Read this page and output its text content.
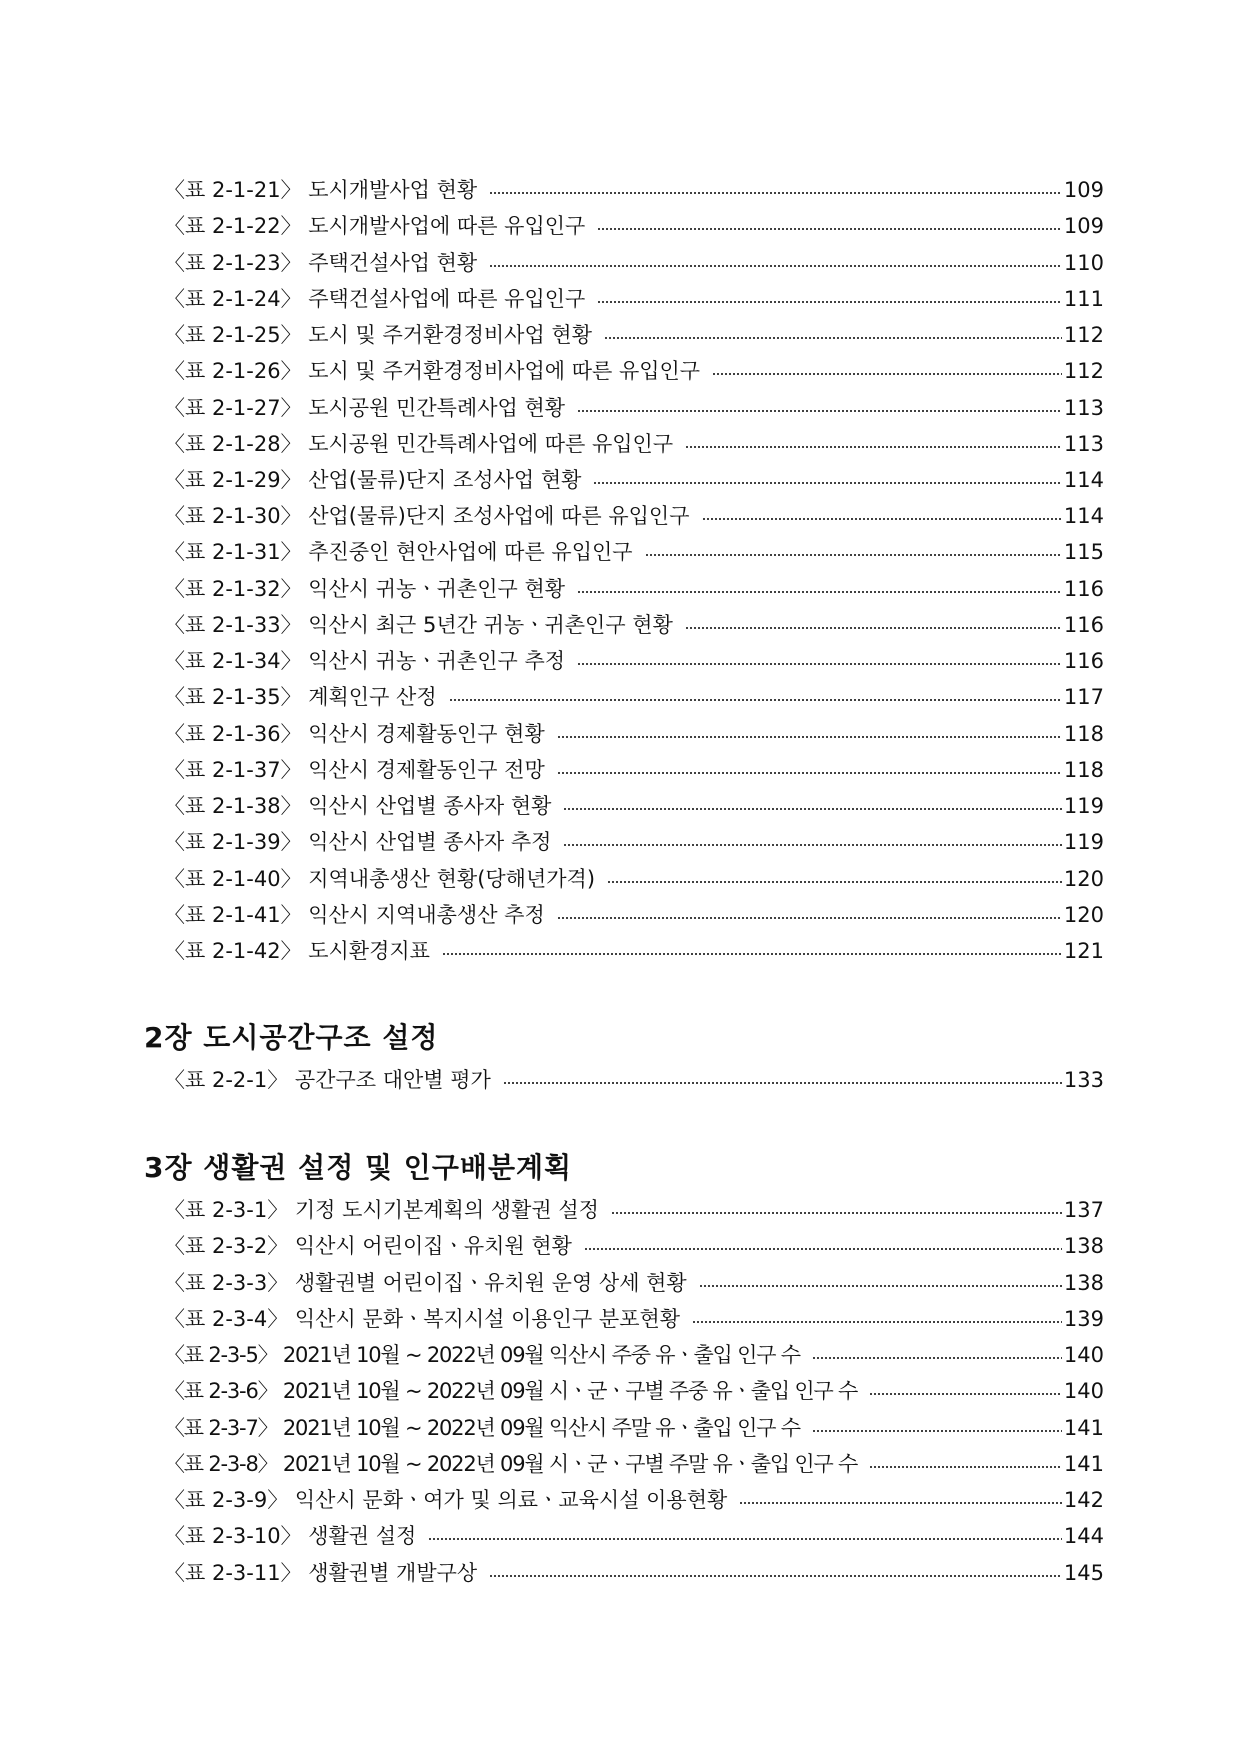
〈표 2-1-21〉 도시개발사업 현황	109
〈표 2-1-22〉 도시개발사업에 따른 유입인구	109
〈표 2-1-23〉 주택건설사업 현황	110
〈표 2-1-24〉 주택건설사업에 따른 유입인구	111
〈표 2-1-25〉 도시 및 주거환경정비사업 현황	112
〈표 2-1-26〉 도시 및 주거환경정비사업에 따른 유입인구	112
〈표 2-1-27〉 도시공원 민간특례사업 현황	113
〈표 2-1-28〉 도시공원 민간특례사업에 따른 유입인구	113
〈표 2-1-29〉 산업(물류)단지 조성사업 현황	114
〈표 2-1-30〉 산업(물류)단지 조성사업에 따른 유입인구	114
〈표 2-1-31〉 추진중인 현안사업에 따른 유입인구	115
〈표 2-1-32〉 익산시 귀농ㆍ귀촌인구 현황	116
〈표 2-1-33〉 익산시 최근 5년간 귀농ㆍ귀촌인구 현황	116
〈표 2-1-34〉 익산시 귀농ㆍ귀촌인구 추정	116
〈표 2-1-35〉 계획인구 산정	117
〈표 2-1-36〉 익산시 경제활동인구 현황	118
〈표 2-1-37〉 익산시 경제활동인구 전망	118
〈표 2-1-38〉 익산시 산업별 종사자 현황	119
〈표 2-1-39〉 익산시 산업별 종사자 추정	119
〈표 2-1-40〉 지역내총생산 현황(당해년가격)	120
〈표 2-1-41〉 익산시 지역내총생산 추정	120
〈표 2-1-42〉 도시환경지표	121
2장 도시공간구조 설정
〈표 2-2-1〉 공간구조 대안별 평가	133
3장 생활권 설정 및 인구배분계획
〈표 2-3-1〉 기정 도시기본계획의 생활권 설정	137
〈표 2-3-2〉 익산시 어린이집ㆍ유치원 현황	138
〈표 2-3-3〉 생활권별 어린이집ㆍ유치원 운영 상세 현황	138
〈표 2-3-4〉 익산시 문화ㆍ복지시설 이용인구 분포현황	139
〈표 2-3-5〉 2021년 10월 ~ 2022년 09월 익산시 주중 유ㆍ출입 인구 수	140
〈표 2-3-6〉 2021년 10월 ~ 2022년 09월 시ㆍ군ㆍ구별 주중 유ㆍ출입 인구 수	140
〈표 2-3-7〉 2021년 10월 ~ 2022년 09월 익산시 주말 유ㆍ출입 인구 수	141
〈표 2-3-8〉 2021년 10월 ~ 2022년 09월 시ㆍ군ㆍ구별 주말 유ㆍ출입 인구 수	141
〈표 2-3-9〉 익산시 문화ㆍ여가 및 의료ㆍ교육시설 이용현황	142
〈표 2-3-10〉 생활권 설정	144
〈표 2-3-11〉 생활권별 개발구상	145
